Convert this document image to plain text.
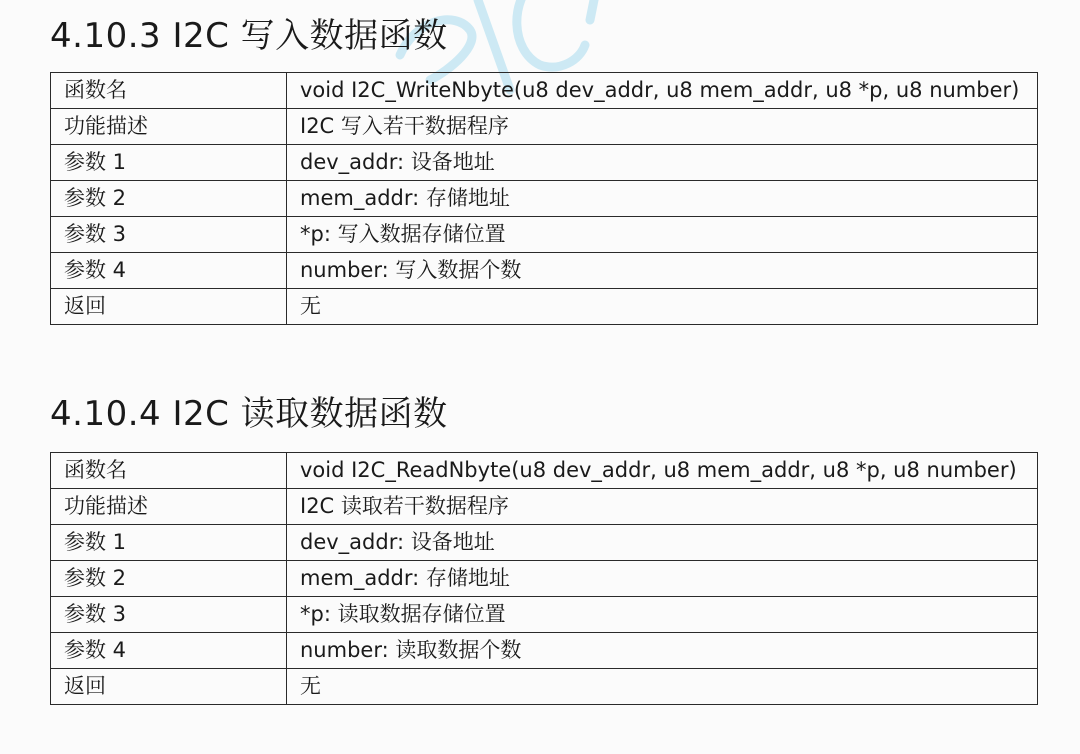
4.10.3 I2C 写入数据函数
函数名	void I2C_WriteNbyte(u8 dev_addr, u8 mem_addr, u8 *p, u8 number)
功能描述	I2C 写入若干数据程序
参数 1	dev_addr: 设备地址
参数 2	mem_addr: 存储地址
参数 3	*p: 写入数据存储位置
参数 4	number: 写入数据个数
返回	无
4.10.4 I2C 读取数据函数
函数名	void I2C_ReadNbyte(u8 dev_addr, u8 mem_addr, u8 *p, u8 number)
功能描述	I2C 读取若干数据程序
参数 1	dev_addr: 设备地址
参数 2	mem_addr: 存储地址
参数 3	*p: 读取数据存储位置
参数 4	number: 读取数据个数
返回	无
